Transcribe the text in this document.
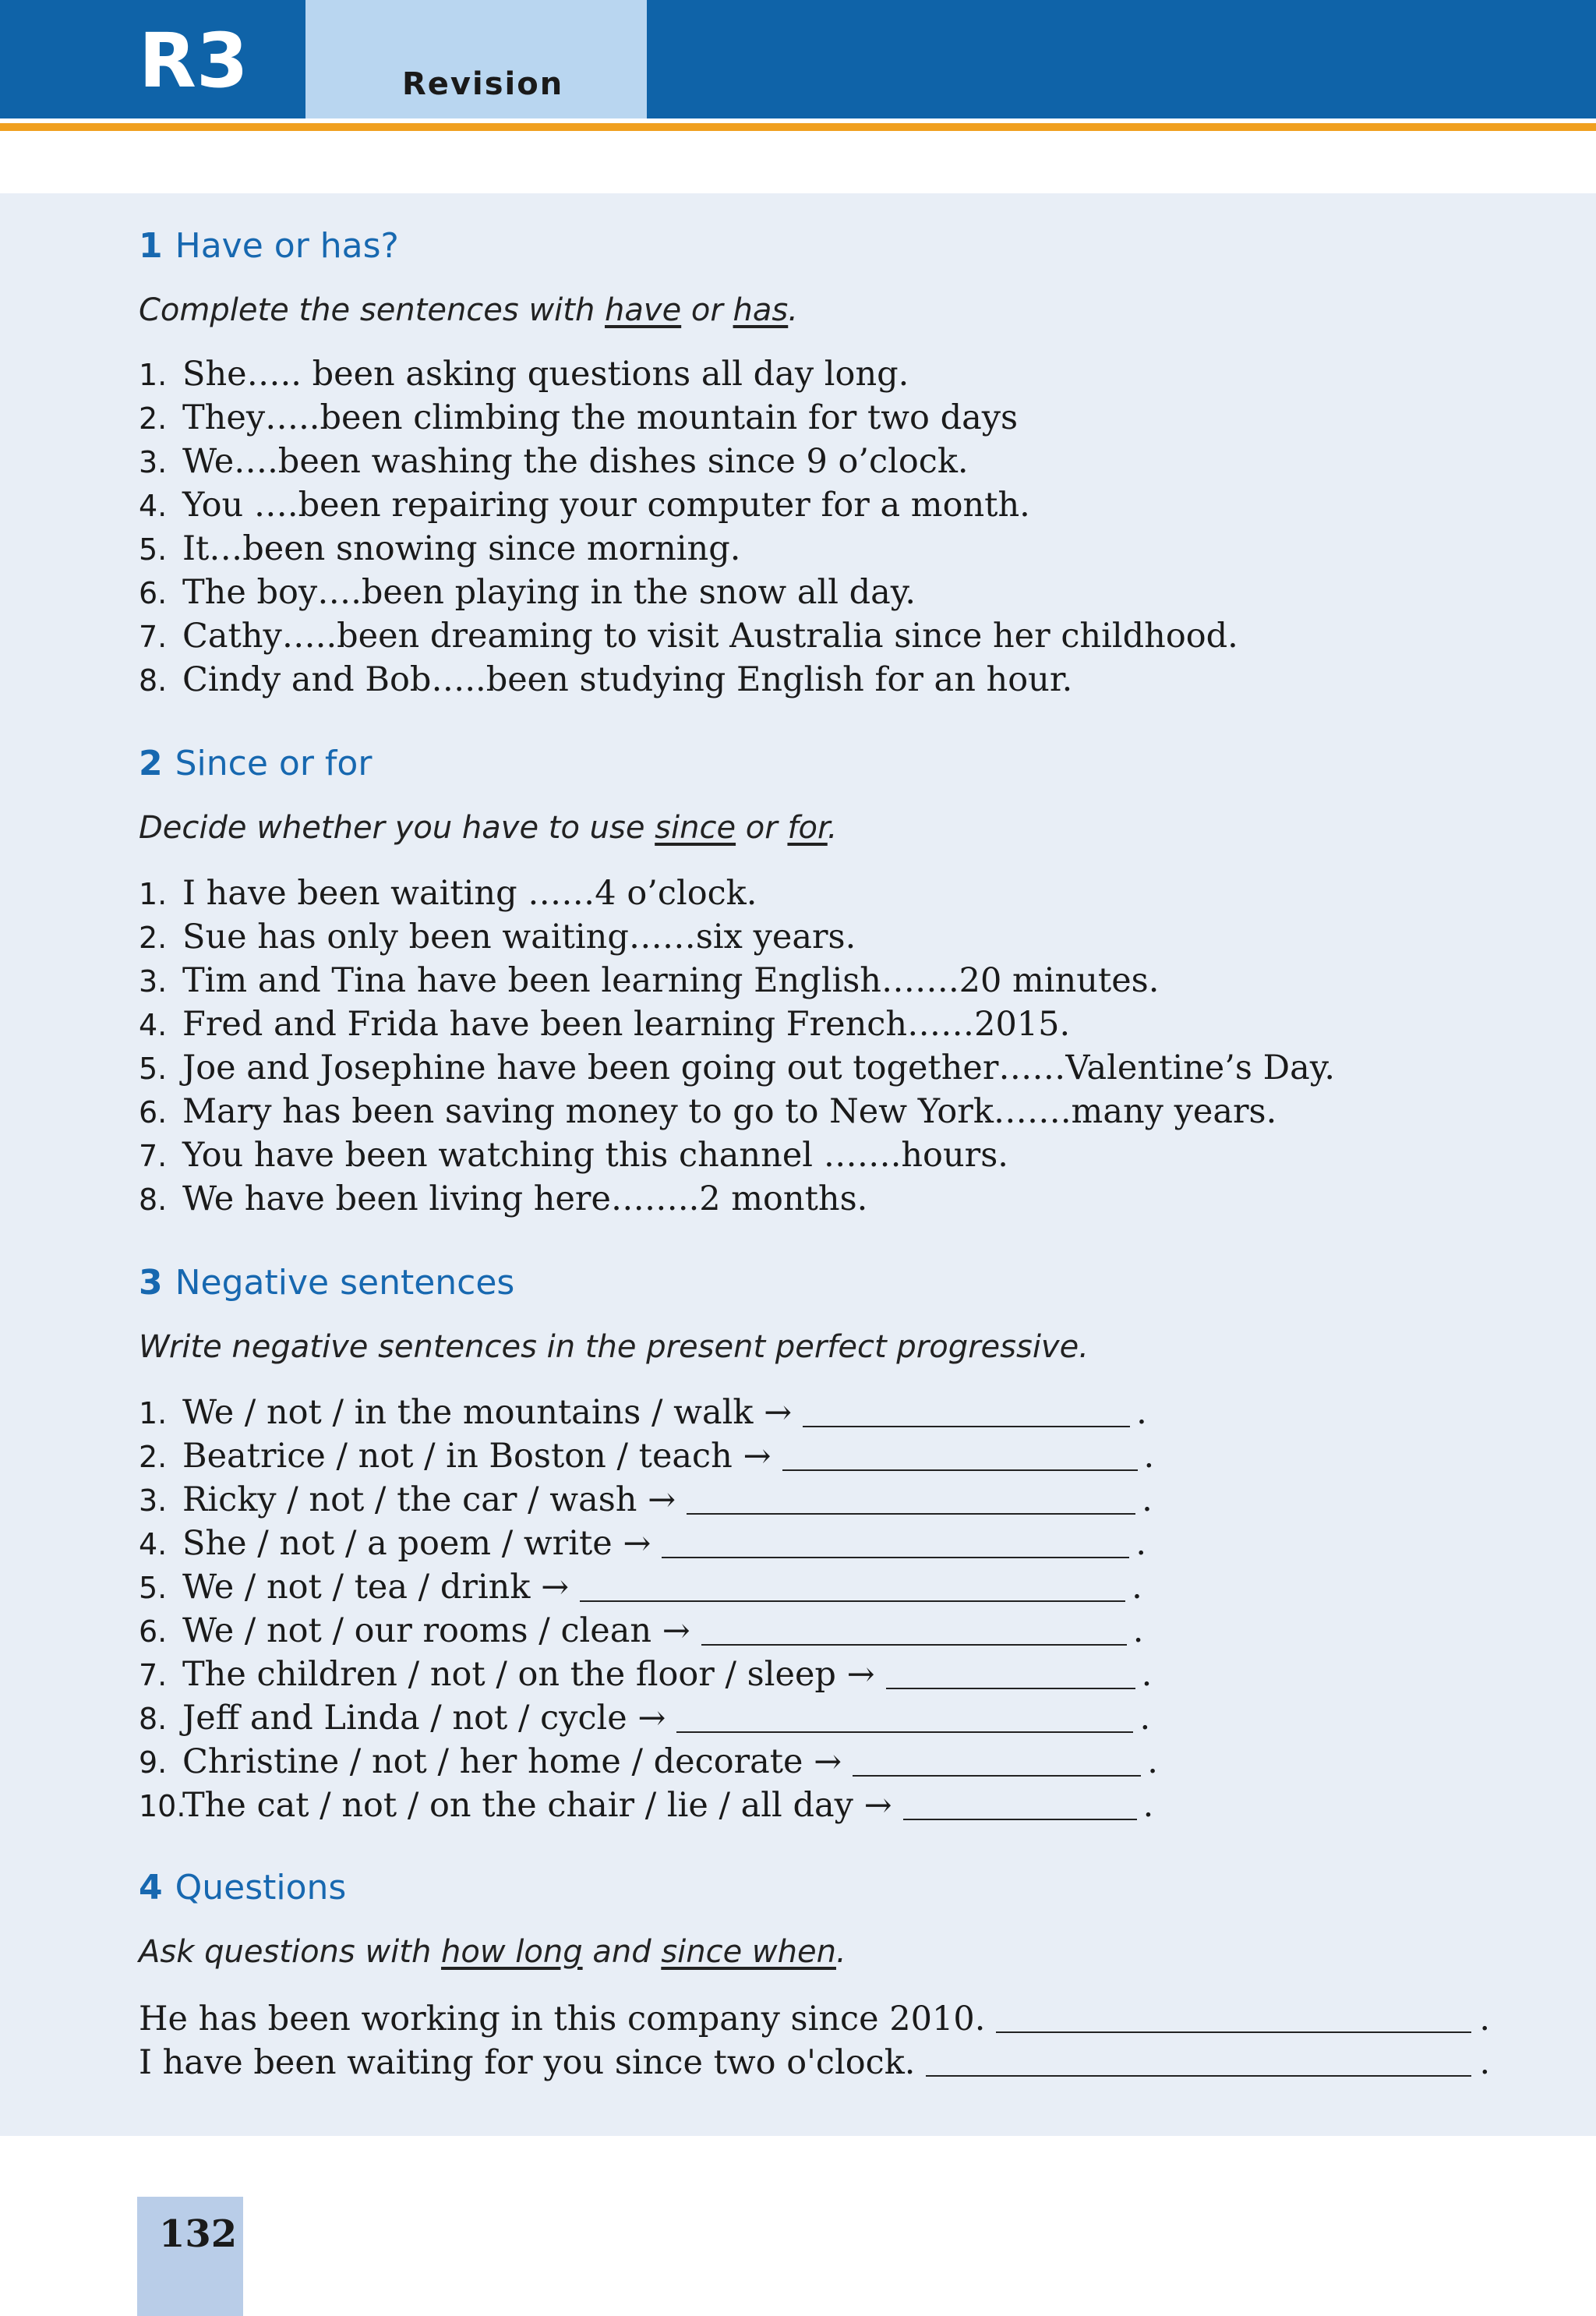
R3	Revision
1 Have or has?
Complete the sentences with have or has.
1. She….. been asking questions all day long.
2. They…..been climbing the mountain for two days
3. We….been washing the dishes since 9 o’clock.
4. You ….been repairing your computer for a month.
5. It…been snowing since morning.
6. The boy….been playing in the snow all day.
7. Cathy…..been dreaming to visit Australia since her childhood.
8. Cindy and Bob…..been studying English for an hour.
2 Since or for
Decide whether you have to use since or for.
1. I have been waiting ……4 o’clock.
2. Sue has only been waiting……six years.
3. Tim and Tina have been learning English…….20 minutes.
4. Fred and Frida have been learning French……2015.
5. Joe and Josephine have been going out together……Valentine’s Day.
6. Mary has been saving money to go to New York…….many years.
7. You have been watching this channel …….hours.
8. We have been living here……..2 months.
3 Negative sentences
Write negative sentences in the present perfect progressive.
1. We / not / in the mountains / walk →	.
2. Beatrice / not / in Boston / teach →	.
3. Ricky / not / the car / wash →	.
4. She / not / a poem / write →	.
5. We / not / tea / drink →	.
6. We / not / our rooms / clean →	.
7. The children / not / on the floor / sleep →	.
8. Jeff and Linda / not / cycle →	.
9. Christine / not / her home / decorate →	.
10.The cat / not / on the chair / lie / all day →	.
4 Questions
Ask questions with how long and since when.
He has been working in this company since 2010.	.
I have been waiting for you since two o'clock.	.
132
